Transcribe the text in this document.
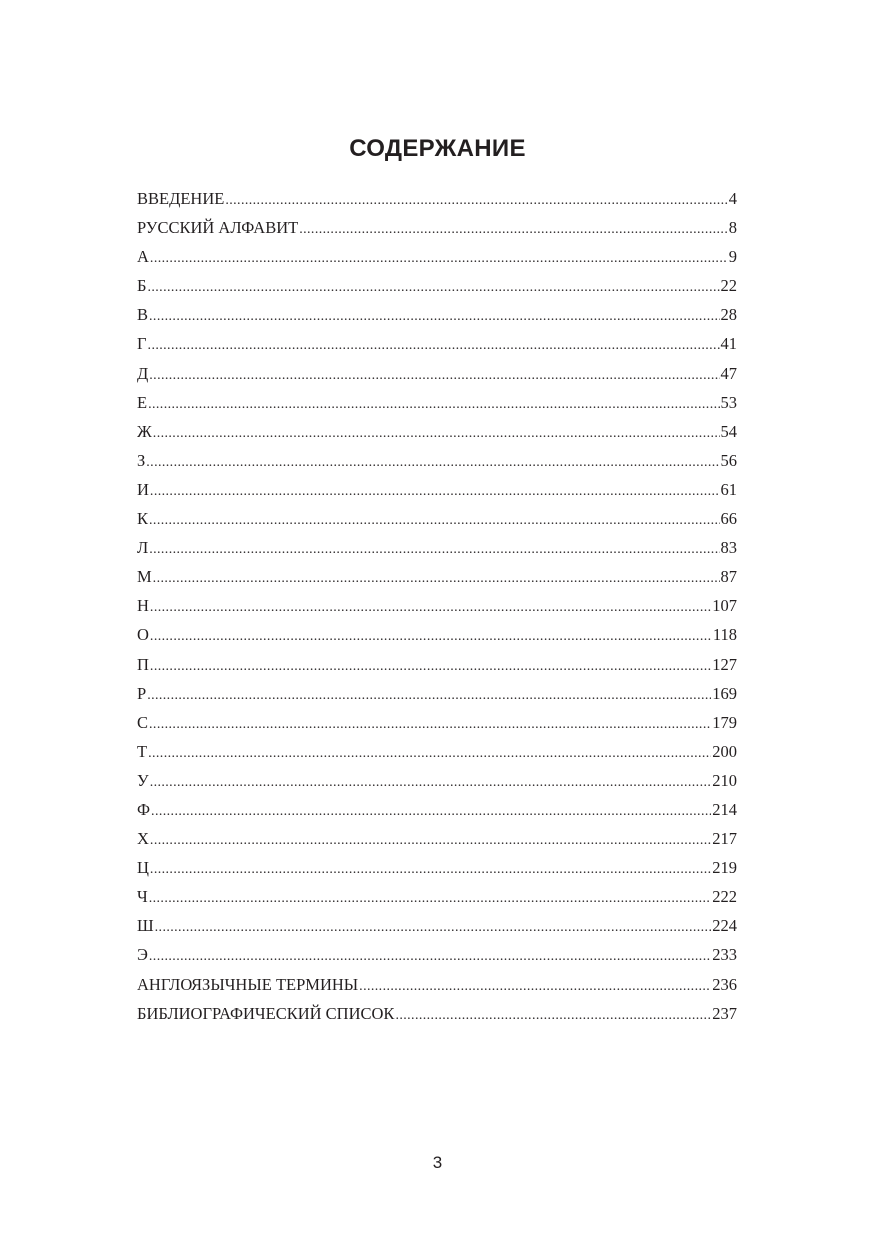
СОДЕРЖАНИЕ
ВВЕДЕНИЕ .....	4
РУССКИЙ АЛФАВИТ .....	8
А .....	9
Б .....	22
В .....	28
Г .....	41
Д .....	47
Е .....	53
Ж .....	54
З .....	56
И .....	61
К .....	66
Л .....	83
М .....	87
Н .....	107
О .....	118
П .....	127
Р .....	169
С .....	179
Т .....	200
У .....	210
Ф .....	214
Х .....	217
Ц .....	219
Ч .....	222
Ш .....	224
Э .....	233
АНГЛОЯЗЫЧНЫЕ ТЕРМИНЫ .....	236
БИБЛИОГРАФИЧЕСКИЙ СПИСОК .....	237
3
